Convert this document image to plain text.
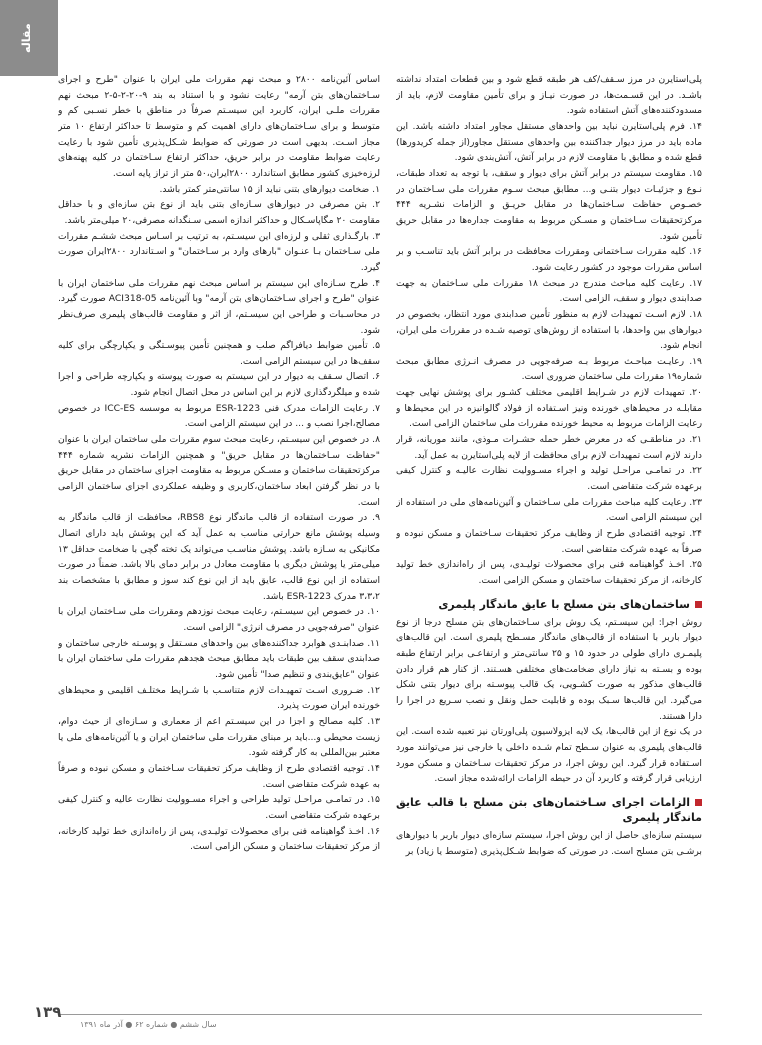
مقاله

پلی‌استایرن در مرز سـقف/کف هر طبقه قطع شود و بین قطعات امتداد نداشته باشـد. در این قسـمت‌ها، در صورت نیـاز و برای تأمین مقاومت لازم، باید از مسدودکننده‌های آتش استفاده شود.

۱۴. فرم پلی‌استایرن نباید بین واحدهای مستقل مجاور امتداد داشته باشد. این ماده باید در مرز دیوار جداکننده بین واحدهای مستقل مجاور(از جمله کریدورها) قطع شده و مطابق با مقاومت لازم در برابر آتش، آتش‌بندی شود.

۱۵. مقاومت سیستم در برابر آتش برای دیوار و سقف، با توجه به تعداد طبقات، نـوع و جزئیـات دیوار بتنـی و... مطابق مبحث سـوم مقررات ملی سـاختمان در خصـوص حفاظت سـاختمان‌ها در مقابل حریـق و الزامات نشـریه ۴۴۴ مرکزتحقیقات سـاختمان و مسـکن مربوط به مقاومت جداره‌ها در مقابل حریق تأمین شود.

۱۶. کلیه مقررات سـاختمانی ومقررات محافظت در برابر آتش باید تناسـب و بر اساس مقررات موجود در کشور رعایت شود.

۱۷. رعایت کلیه مباحث مندرج در مبحث ۱۸ مقررات ملی سـاختمان به جهت صدابندی دیوار و سقف، الزامی است.

۱۸. لازم اسـت تمهیدات لازم به منظور تأمین صدابندی مورد انتظار، بخصوص در دیوارهای بین واحدها، با استفاده از روش‌های توصیه شـده در مقررات ملی ایران، انجام شود.

۱۹. رعایـت مباحـث مربوط بـه صرفه‌جویی در مصرف انـرژی مطابق مبحث شماره۱۹ مقررات ملی ساختمان ضروری است.

۲۰. تمهیدات لازم در شـرایط اقلیمی مختلف کشـور برای پوشش نهایی جهت مقابلـه در محیط‌های خورنده ونیز اسـتفاده از فولاد گالوانیزه در این محیط‌ها و رعایت الزامات مربوط به محیط خورنده مقررات ملی ساختمان الزامی است.

۲۱. در مناطقـی که در معرض خطر حمله حشـرات مـوذی، مانند موریانه، قرار دارند لازم است تمهیدات لازم برای محافظت از لایه پلی‌استایرن به عمل آید.

۲۲. در تمامـی مراحـل تولید و اجراء مسـوولیت نظارت عالیـه و کنترل کیفی برعهده شرکت متقاضی است.

۲۳. رعایت کلیه مباحث مقررات ملی سـاختمان و آئین‌نامه‌های ملی در استفاده از این سیستم الزامی است.

۲۴. توجیه اقتصادی طرح از وظایف مرکز تحقیقات سـاختمان و مسکن نبوده و صرفاً به عهده شرکت متقاضی است.

۲۵. اخـذ گواهینامه فنی برای محصولات تولیـدی، پس از راه‌اندازی خط تولید کارخانه، از مرکز تحقیقات ساختمان و مسکن الزامی است.

ساختمان‌های بتن مسلح با عایق ماندگار پلیمری

روش اجرا: این سیسـتم، یک روش برای سـاختمان‌های بتن مسلح درجا از نوع دیوار باربر با استفاده از قالب‌های ماندگار مسـطح پلیمری است. این قالب‌های پلیمـری دارای طولی در حدود ۱۵ و ۲۵ سانتی‌متر و ارتفاعـی برابر ارتفاع طبقه بوده و بسـته به نیاز دارای ضخامت‌های مختلفی هسـتند. از کنار هم قرار دادن قالب‌های مذکور به صورت کشـویی، یک قالب پیوسـته برای دیوار بتنی شکل می‌گیرد. این قالب‌ها سـبک بوده و قابلیت حمل ونقل و نصب سـریع در اجرا را دارا هستند.

در یک نوع از این قالب‌ها، یک لایه ایزولاسیون پلی‌اورتان نیز تعبیه شده است. این قالب‌های پلیمری به عنوان سـطح تمام شـده داخلی یا خارجی نیز می‌توانند مورد اسـتفاده قرار گیرد. این روش اجرا، در مرکز تحقیقات سـاختمان و مسکن مورد ارزیابی قرار گرفته و کاربرد آن در حیطه الزامات ارائه‌شده مجاز است.

الزامات اجرای سـاختمان‌های بتن مسلح با قالب عایق ماندگار پلیمری

سیستم سازه‌ای حاصل از این روش اجرا، سیستم سازه‌ای دیوار باربر با دیوارهای برشـی بتن مسلح است. در صورتی که ضوابط شـکل‌پذیری (متوسط یا زیاد) بر

اساس آئین‌نامه ۲۸۰۰ و مبحث نهم مقررات ملی ایران با عنوان "طرح و اجرای سـاختمان‌های بتن آرمه" رعایت نشود و با استناد به بند ۹-۲۰-۲-۵-۲ مبحث نهم مقررات ملـی ایران، کاربرد این سیسـتم صرفاً در مناطق با خطر نسـبی کم و متوسط و برای سـاختمان‌های دارای اهمیت کم و متوسط تا حداکثر ارتفاع ۱۰ متر مجاز اسـت. بدیهی است در صورتی که ضوابط شـکل‌پذیری تأمین شود با رعایت رعایت ضوابط مقاومت در برابر حریق، حداکثر ارتفاع سـاختمان در کلیه پهنه‌های لرزه‌خیزی کشور مطابق استاندارد ۲۸۰۰ایران،۵۰ متر از تراز پایه است.

۱. ضخامت دیوارهای بتنی نباید از ۱۵ سانتی‌متر کمتر باشد.

۲. بتن مصرفی در دیوارهای سـازه‌ای بتنی باید از نوع بتن سازه‌ای و با حداقل مقاومت ۲۰ مگاپاسـکال و حداکثر اندازه اسمی سـنگدانه مصرفی،۲۰ میلی‌متر باشد.

۳. بارگـذاری ثقلی و لرزه‌ای این سیسـتم، به ترتیب بر اسـاس مبحث ششـم مقررات ملی سـاختمان بـا عنـوان "بارهای وارد بر سـاختمان" و اسـتاندارد ۲۸۰۰ایران صورت گیرد.

۴. طرح سـازه‌ای این سیستم بر اساس مبحث نهم مقررات ملی ساختمان ایران با عنوان "طرح و اجرای سـاختمان‌های بتن آرمه" وبا آئین‌نامه ACI318-05 صورت گیرد. در محاسـبات و طراحی این سیسـتم، از اثر و مقاومت قالب‌های پلیمری صرف‌نظر شود.

۵. تأمین ضوابط دیافراگم صلب و همچنین تأمین پیوسـتگی و یکپارچگی برای کلیه سقف‌ها در این سیستم الزامی است.

۶. اتصال سـقف به دیوار در این سیستم به صورت پیوسته و یکپارچه طراحی و اجرا شده و میلگردگذاری لازم بر این اساس در محل اتصال انجام شود.

۷. رعایت الزامات مدرک فنی ESR-1223 مربوط به موسسه ICC-ES در خصوص مصالح،اجرا نصب و ... در این سیستم الزامی است.

۸. در خصوص این سیسـتم، رعایت مبحث سوم مقررات ملی ساختمان ایران با عنوان "حفاظت سـاختمان‌ها در مقابل حریق" و همچنین الزامات نشریه شماره ۴۴۴ مرکزتحقیقات ساختمان و مسـکن مربوط به مقاومت اجزای ساختمان در مقابل حریق با در نظر گرفتن ابعاد ساختمان،کاربری و وظیفه عملکردی اجزای ساختمان الزامی است.

۹. در صورت استفاده از قالب ماندگار نوع RBS8، محافظت از قالب ماندگار به وسیله پوشش مانع حرارتی مناسب به عمل آید که این پوشش باید دارای اتصال مکانیکی به سـازه باشد. پوشش مناسـب می‌تواند یک تخته گچی با ضخامت حداقل ۱۳ میلی‌متر یا پوشش دیگری با مقاومت معادل در برابر دمای بالا باشد. ضمناً در صورت استفاده از این نوع قالب، عایق باید از این نوع کند سوز و مطابق با مشخصات بند ۳،۳،۲ مدرک ESR-1223 باشد.

۱۰. در خصوص این سیسـتم، رعایت مبحث نوزدهم ومقررات ملی سـاختمان ایران با عنوان "صرفه‌جویی در مصرف انرژی" الزامی است.

۱۱. صدابنـدی هوابرد جداکننده‌های بین واحدهای مسـتقل و پوسـته خارجی ساختمان و صدابندی سقف بین طبقات باید مطابق مبحث هجدهم مقررات ملی ساختمان ایران با عنوان "عایق‌بندی و تنظیم صدا" تأمین شود.

۱۲. ضـروری اسـت تمهیـدات لازم متناسـب با شـرایط مختلـف اقلیمی و محیط‌های خورنده ایران صورت پذیرد.

۱۳. کلیه مصالح و اجزا در این سیسـتم اعم از معماری و سـازه‌ای از حیث دوام، زیست محیطی و...باید بر مبنای مقررات ملی ساختمان ایران و یا آئین‌نامه‌های ملی یا معتبر بین‌المللی به کار گرفته شود.

۱۴. توجیه اقتصادی طرح از وظایف مرکز تحقیقات سـاختمان و مسکن نبوده و صرفاً به عهده شرکت متقاضی است.

۱۵. در تمامـی مراحـل تولید طراحی و اجراء مسـوولیت نظارت عالیه و کنترل کیفی برعهده شرکت متقاضی است.

۱۶. اخـذ گواهینامه فنی برای محصولات تولیـدی، پس از راه‌اندازی خط تولید کارخانه، از مرکز تحقیقات ساختمان و مسکن الزامی است.

۱۳۹
سال ششم ● شماره ۶۲ ● آذر ماه ۱۳۹۱
